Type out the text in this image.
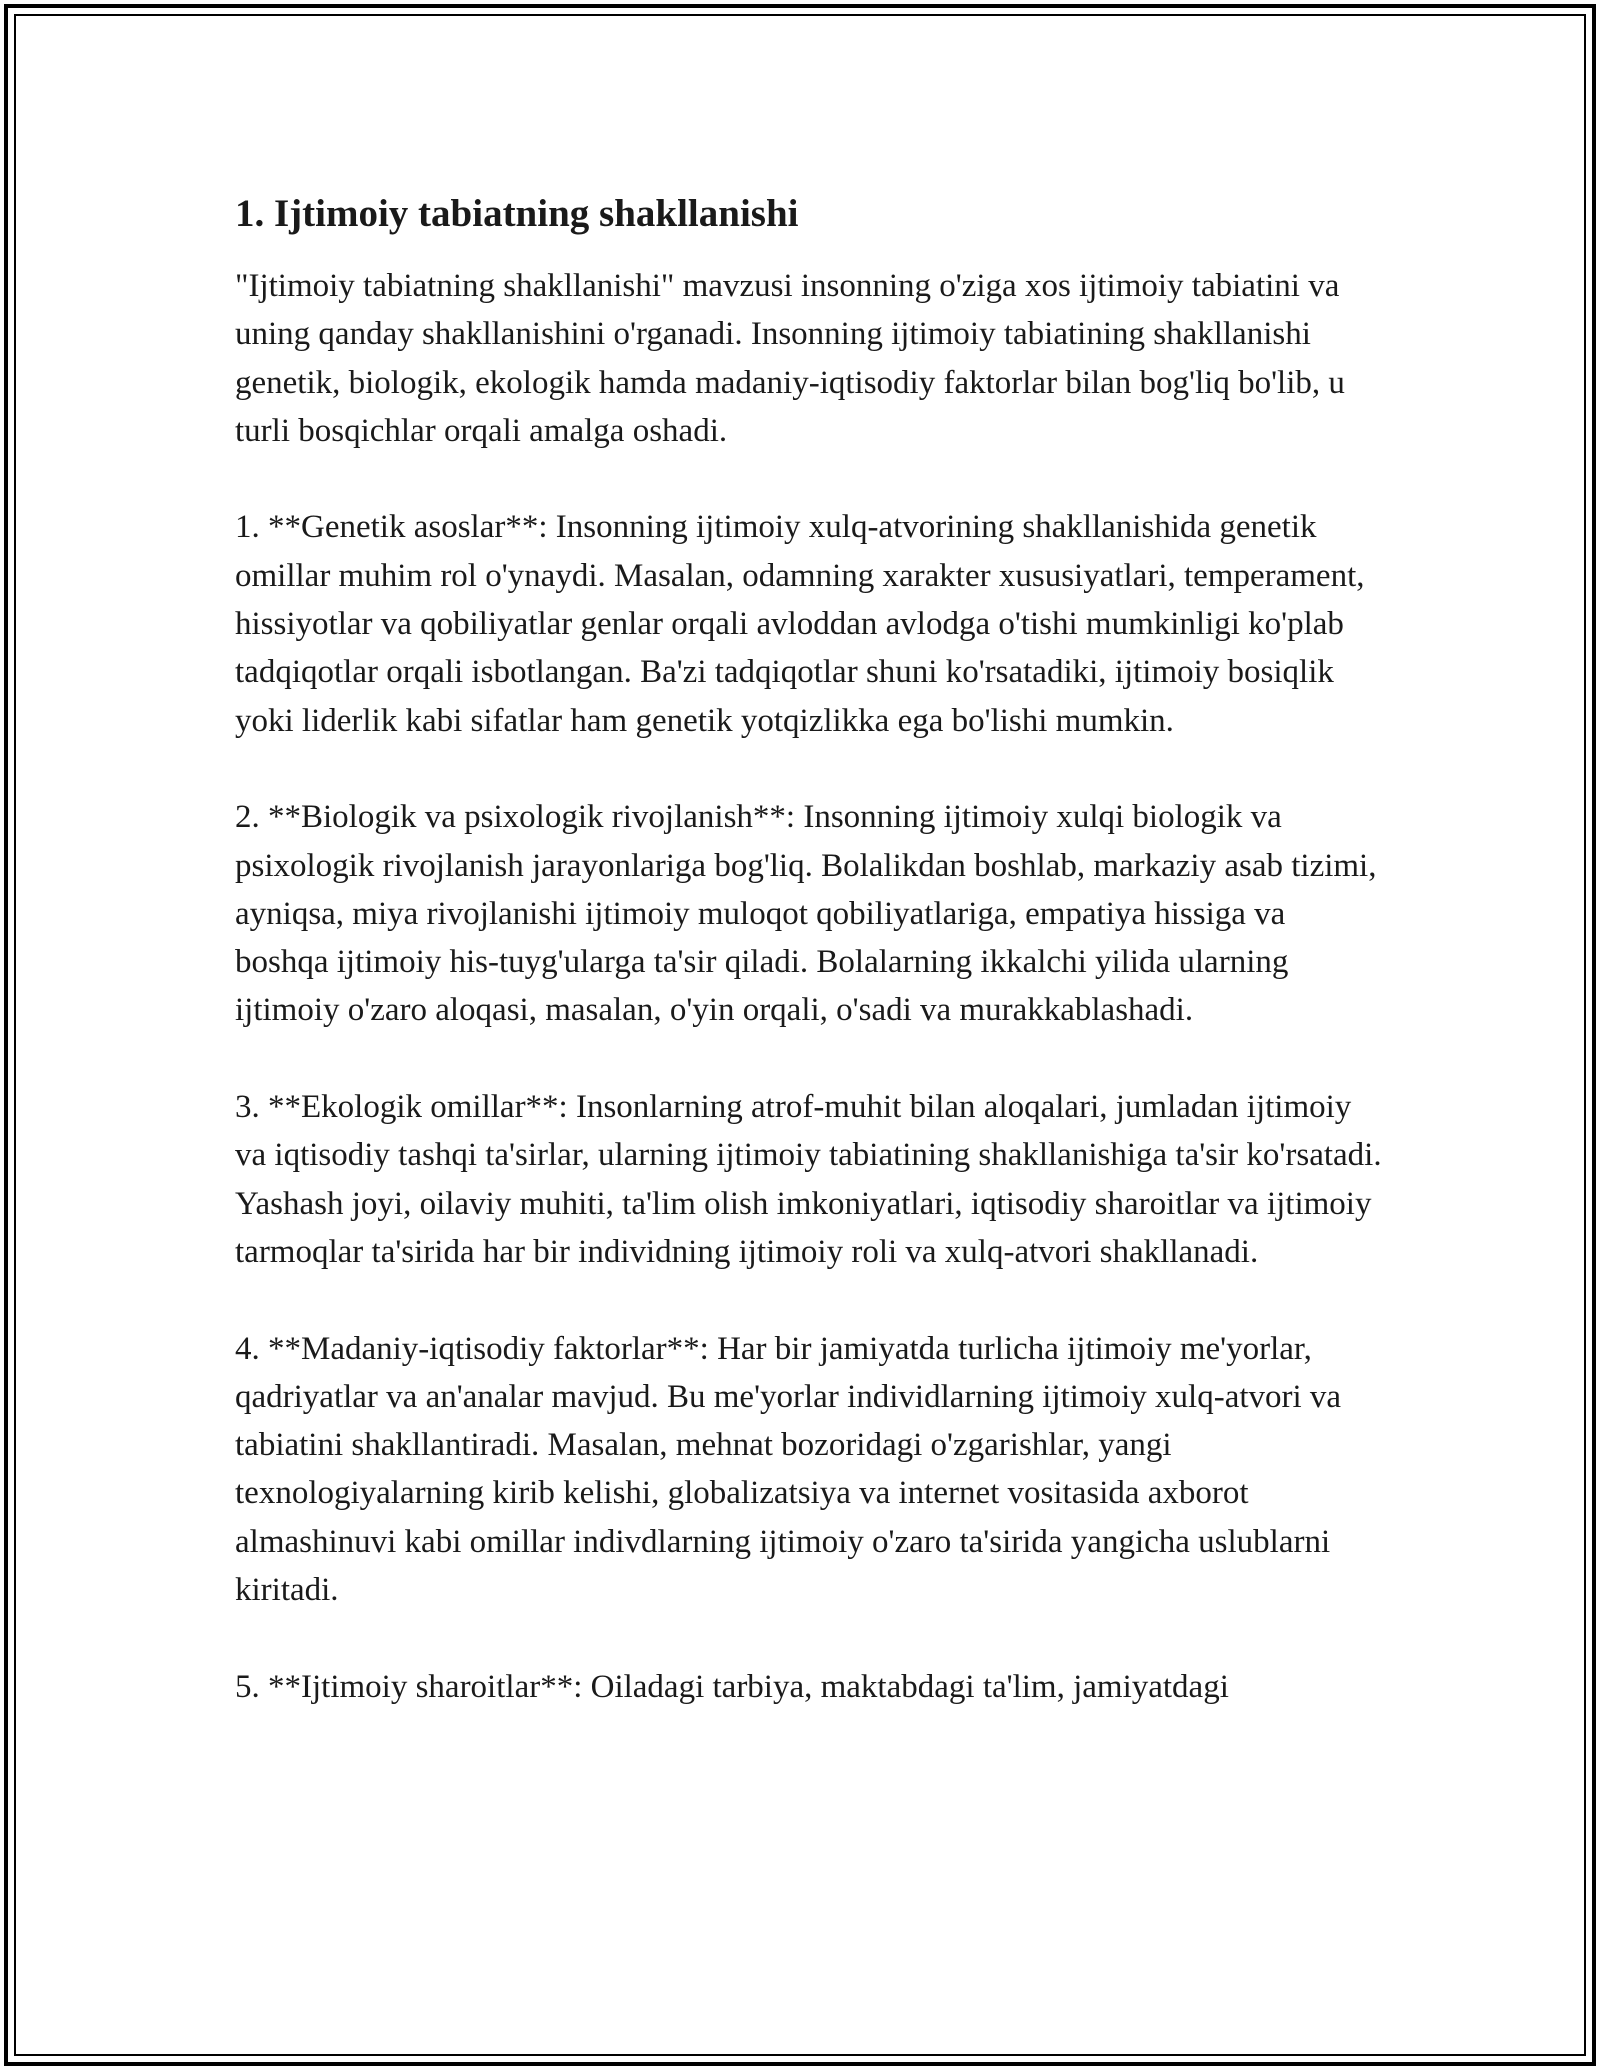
1. Ijtimoiy tabiatning shakllanishi

"Ijtimoiy tabiatning shakllanishi" mavzusi insonning o'ziga xos ijtimoiy tabiatini va uning qanday shakllanishini o'rganadi. Insonning ijtimoiy tabiatining shakllanishi genetik, biologik, ekologik hamda madaniy-iqtisodiy faktorlar bilan bog'liq bo'lib, u turli bosqichlar orqali amalga oshadi.

1. **Genetik asoslar**: Insonning ijtimoiy xulq-atvorining shakllanishida genetik omillar muhim rol o'ynaydi. Masalan, odamning xarakter xususiyatlari, temperament, hissiyotlar va qobiliyatlar genlar orqali avloddan avlodga o'tishi mumkinligi ko'plab tadqiqotlar orqali isbotlangan. Ba'zi tadqiqotlar shuni ko'rsatadiki, ijtimoiy bosiqlik yoki liderlik kabi sifatlar ham genetik yotqizlikka ega bo'lishi mumkin.

2. **Biologik va psixologik rivojlanish**: Insonning ijtimoiy xulqi biologik va psixologik rivojlanish jarayonlariga bog'liq. Bolalikdan boshlab, markaziy asab tizimi, ayniqsa, miya rivojlanishi ijtimoiy muloqot qobiliyatlariga, empatiya hissiga va boshqa ijtimoiy his-tuyg'ularga ta'sir qiladi. Bolalarning ikkalchi yilida ularning ijtimoiy o'zaro aloqasi, masalan, o'yin orqali, o'sadi va murakkablashadi.

3. **Ekologik omillar**: Insonlarning atrof-muhit bilan aloqalari, jumladan ijtimoiy va iqtisodiy tashqi ta'sirlar, ularning ijtimoiy tabiatining shakllanishiga ta'sir ko'rsatadi. Yashash joyi, oilaviy muhiti, ta'lim olish imkoniyatlari, iqtisodiy sharoitlar va ijtimoiy tarmoqlar ta'sirida har bir individning ijtimoiy roli va xulq-atvori shakllanadi.

4. **Madaniy-iqtisodiy faktorlar**: Har bir jamiyatda turlicha ijtimoiy me'yorlar, qadriyatlar va an'analar mavjud. Bu me'yorlar individlarning ijtimoiy xulq-atvori va tabiatini shakllantiradi. Masalan, mehnat bozoridagi o'zgarishlar, yangi texnologiyalarning kirib kelishi, globalizatsiya va internet vositasida axborot almashinuvi kabi omillar indivdlarning ijtimoiy o'zaro ta'sirida yangicha uslublarni kiritadi.

5. **Ijtimoiy sharoitlar**: Oiladagi tarbiya, maktabdagi ta'lim, jamiyatdagi
